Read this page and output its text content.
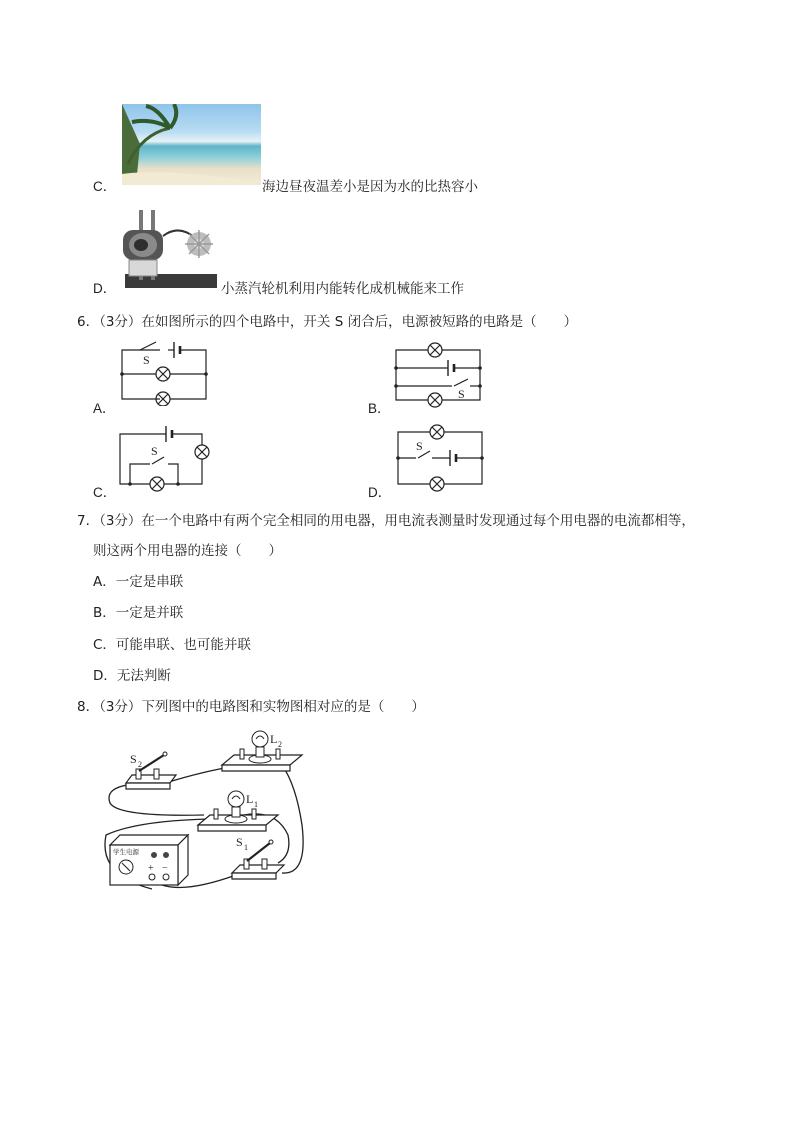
C．	海边昼夜温差小是因为水的比热容小
D．	小蒸汽轮机利用内能转化成机械能来工作
6．（3分）在如图所示的四个电路中，开关 S 闭合后，电源被短路的电路是（　　）
A．
S
B．
S
C．
S
D．
S
7．（3分）在一个电路中有两个完全相同的用电器，用电流表测量时发现通过每个用电器的电流都相等，
则这两个用电器的连接（　　）
A．一定是串联
B．一定是并联
C．可能串联、也可能并联
D．无法判断
8．（3分）下列图中的电路图和实物图相对应的是（　　）
S 2
L 2
L 1
学生电源
+ −
S 1
